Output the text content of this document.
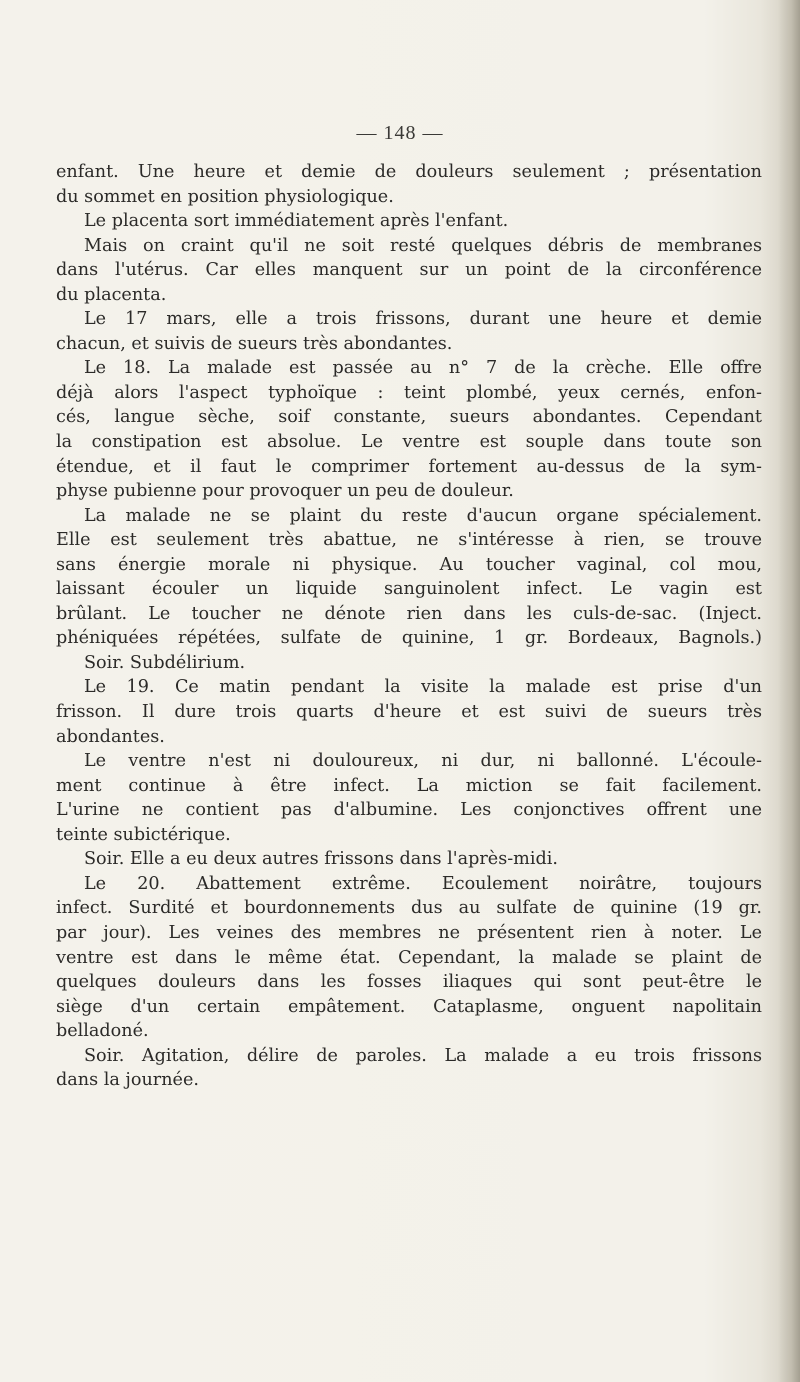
— 148 —
enfant. Une heure et demie de douleurs seulement ; présentation
du sommet en position physiologique.
Le placenta sort immédiatement après l'enfant.
Mais on craint qu'il ne soit resté quelques débris de membranes
dans l'utérus. Car elles manquent sur un point de la circonférence
du placenta.
Le 17 mars, elle a trois frissons, durant une heure et demie
chacun, et suivis de sueurs très abondantes.
Le 18. La malade est passée au n° 7 de la crèche. Elle offre
déjà alors l'aspect typhoïque : teint plombé, yeux cernés, enfon-
cés, langue sèche, soif constante, sueurs abondantes. Cependant
la constipation est absolue. Le ventre est souple dans toute son
étendue, et il faut le comprimer fortement au-dessus de la sym-
physe pubienne pour provoquer un peu de douleur.
La malade ne se plaint du reste d'aucun organe spécialement.
Elle est seulement très abattue, ne s'intéresse à rien, se trouve
sans énergie morale ni physique. Au toucher vaginal, col mou,
laissant écouler un liquide sanguinolent infect. Le vagin est
brûlant. Le toucher ne dénote rien dans les culs-de-sac. (Inject.
phéniquées répétées, sulfate de quinine, 1 gr. Bordeaux, Bagnols.)
Soir. Subdélirium.
Le 19. Ce matin pendant la visite la malade est prise d'un
frisson. Il dure trois quarts d'heure et est suivi de sueurs très
abondantes.
Le ventre n'est ni douloureux, ni dur, ni ballonné. L'écoule-
ment continue à être infect. La miction se fait facilement.
L'urine ne contient pas d'albumine. Les conjonctives offrent une
teinte subictérique.
Soir. Elle a eu deux autres frissons dans l'après-midi.
Le 20. Abattement extrême. Ecoulement noirâtre, toujours
infect. Surdité et bourdonnements dus au sulfate de quinine (19 gr.
par jour). Les veines des membres ne présentent rien à noter. Le
ventre est dans le même état. Cependant, la malade se plaint de
quelques douleurs dans les fosses iliaques qui sont peut-être le
siège d'un certain empâtement. Cataplasme, onguent napolitain
belladoné.
Soir. Agitation, délire de paroles. La malade a eu trois frissons
dans la journée.
